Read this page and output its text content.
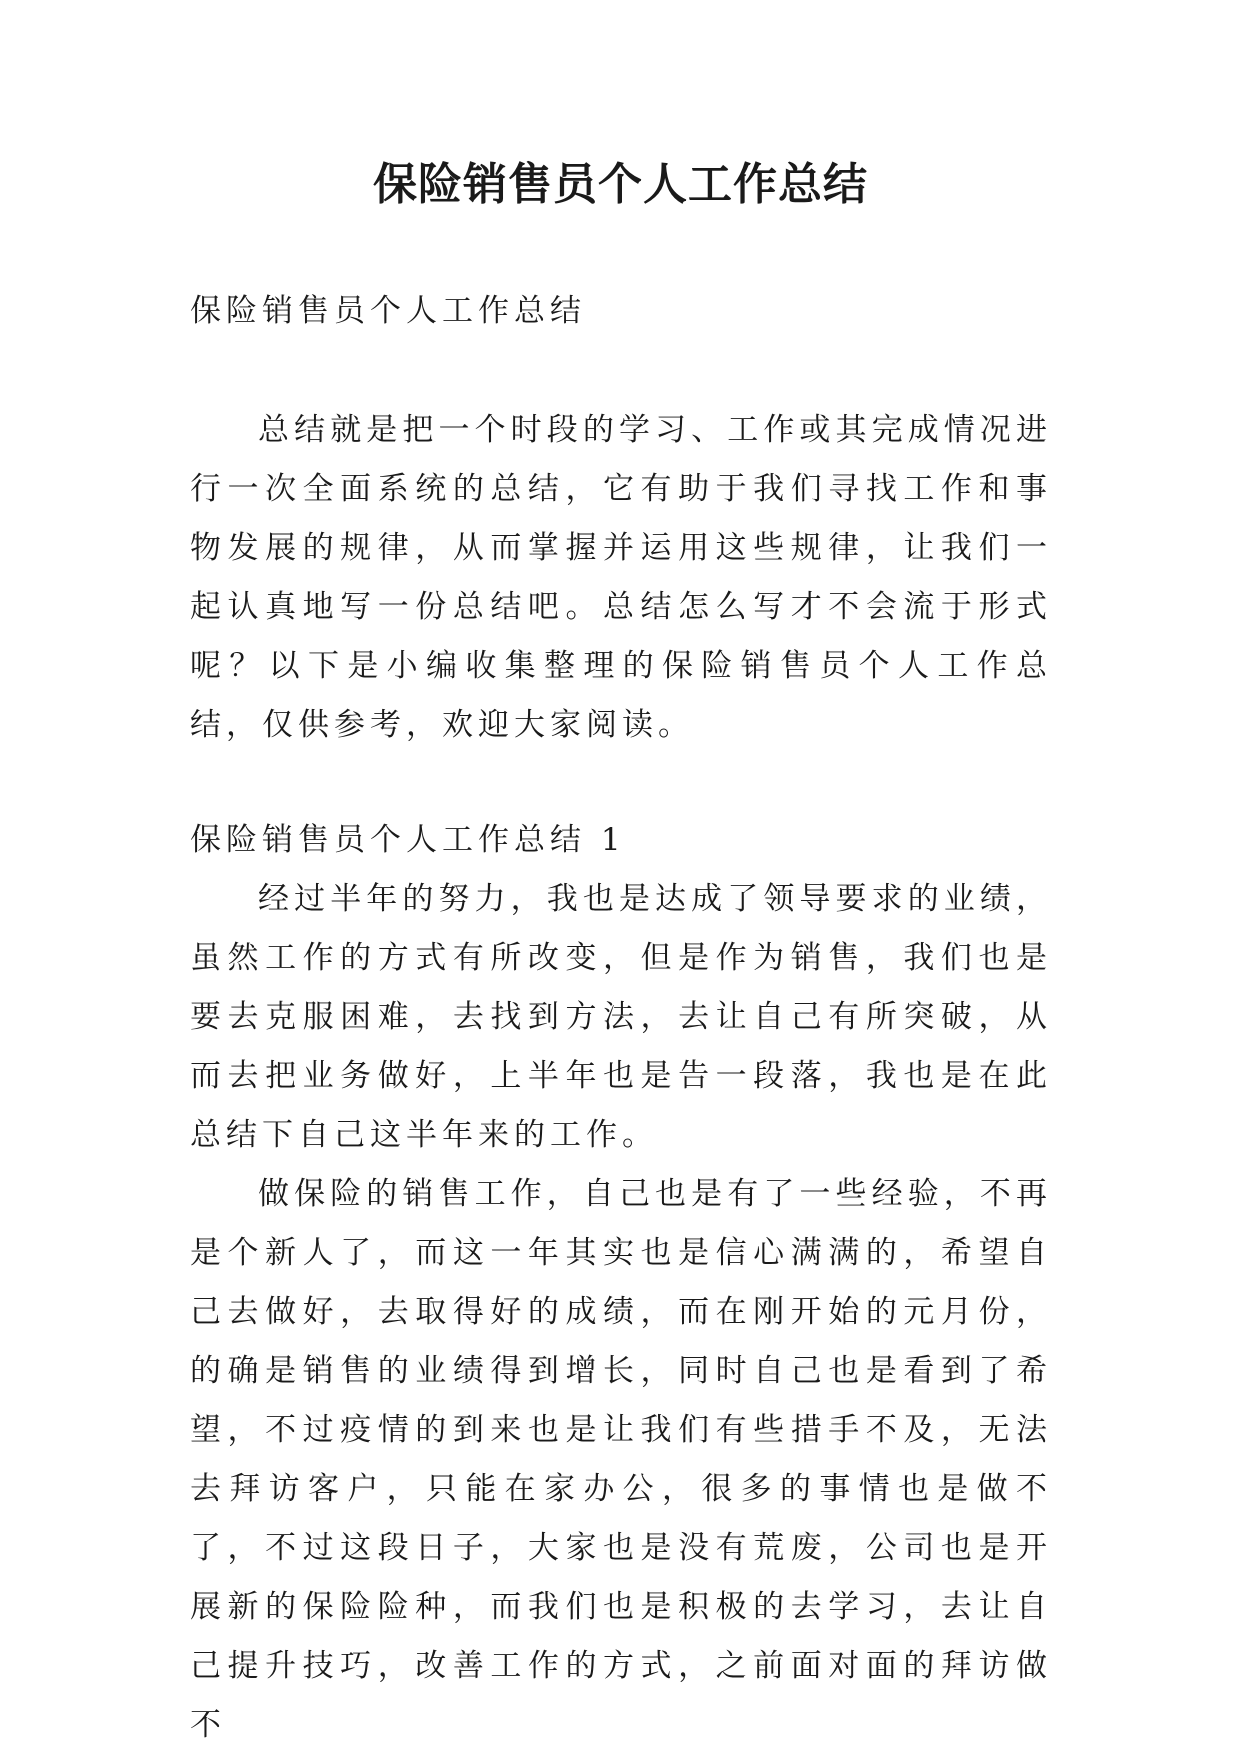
保险销售员个人工作总结

保险销售员个人工作总结

总结就是把一个时段的学习、工作或其完成情况进行一次全面系统的总结，它有助于我们寻找工作和事物发展的规律，从而掌握并运用这些规律，让我们一起认真地写一份总结吧。总结怎么写才不会流于形式呢？以下是小编收集整理的保险销售员个人工作总结，仅供参考，欢迎大家阅读。

保险销售员个人工作总结 1

经过半年的努力，我也是达成了领导要求的业绩，虽然工作的方式有所改变，但是作为销售，我们也是要去克服困难，去找到方法，去让自己有所突破，从而去把业务做好，上半年也是告一段落，我也是在此总结下自己这半年来的工作。

做保险的销售工作，自己也是有了一些经验，不再是个新人了，而这一年其实也是信心满满的，希望自己去做好，去取得好的成绩，而在刚开始的元月份，的确是销售的业绩得到增长，同时自己也是看到了希望，不过疫情的到来也是让我们有些措手不及，无法去拜访客户，只能在家办公，很多的事情也是做不了，不过这段日子，大家也是没有荒废，公司也是开展新的保险险种，而我们也是积极的去学习，去让自己提升技巧，改善工作的方式，之前面对面的拜访做不
